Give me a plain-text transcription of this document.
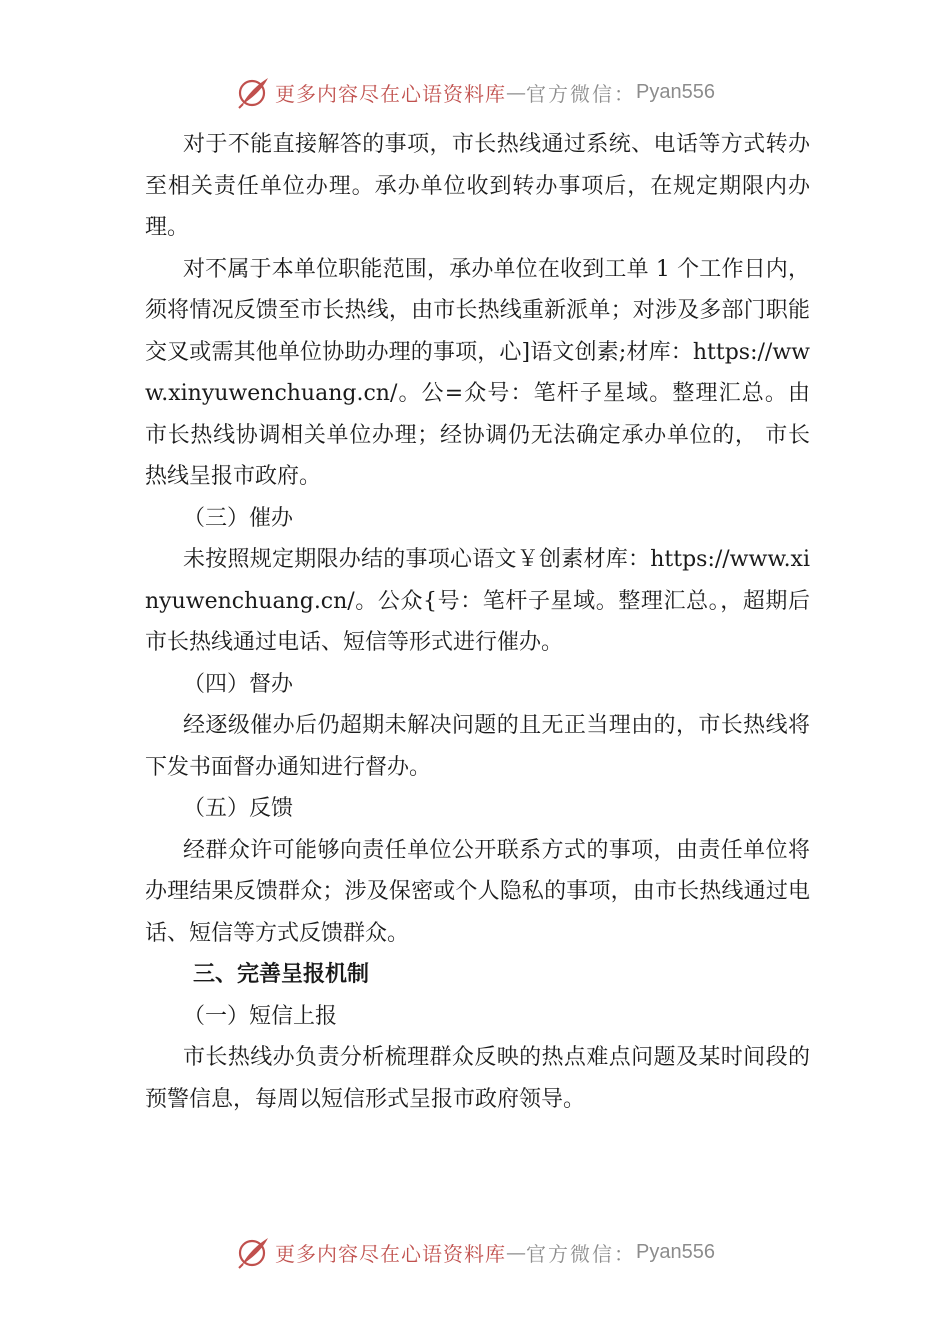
更多内容尽在心语资料库 — 官方微信： Pyan556

对于不能直接解答的事项，市长热线通过系统、电话等方式转办至相关责任单位办理。承办单位收到转办事项后，在规定期限内办理。

对不属于本单位职能范围，承办单位在收到工单 1 个工作日内，须将情况反馈至市长热线，由市长热线重新派单；对涉及多部门职能交叉或需其他单位协助办理的事项，心]语文创素;材库：https://www.xinyuwenchuang.cn/。公=众号：笔杆子星域。整理汇总。由市长热线协调相关单位办理；经协调仍无法确定承办单位的， 市长热线呈报市政府。

（三）催办

未按照规定期限办结的事项心语文￥创素材库：https://www.xinyuwenchuang.cn/。公众{号：笔杆子星域。整理汇总。，超期后市长热线通过电话、短信等形式进行催办。

（四）督办

经逐级催办后仍超期未解决问题的且无正当理由的，市长热线将下发书面督办通知进行督办。

（五）反馈

经群众许可能够向责任单位公开联系方式的事项，由责任单位将办理结果反馈群众；涉及保密或个人隐私的事项，由市长热线通过电话、短信等方式反馈群众。

三、完善呈报机制

（一）短信上报

市长热线办负责分析梳理群众反映的热点难点问题及某时间段的预警信息，每周以短信形式呈报市政府领导。

更多内容尽在心语资料库 — 官方微信： Pyan556
